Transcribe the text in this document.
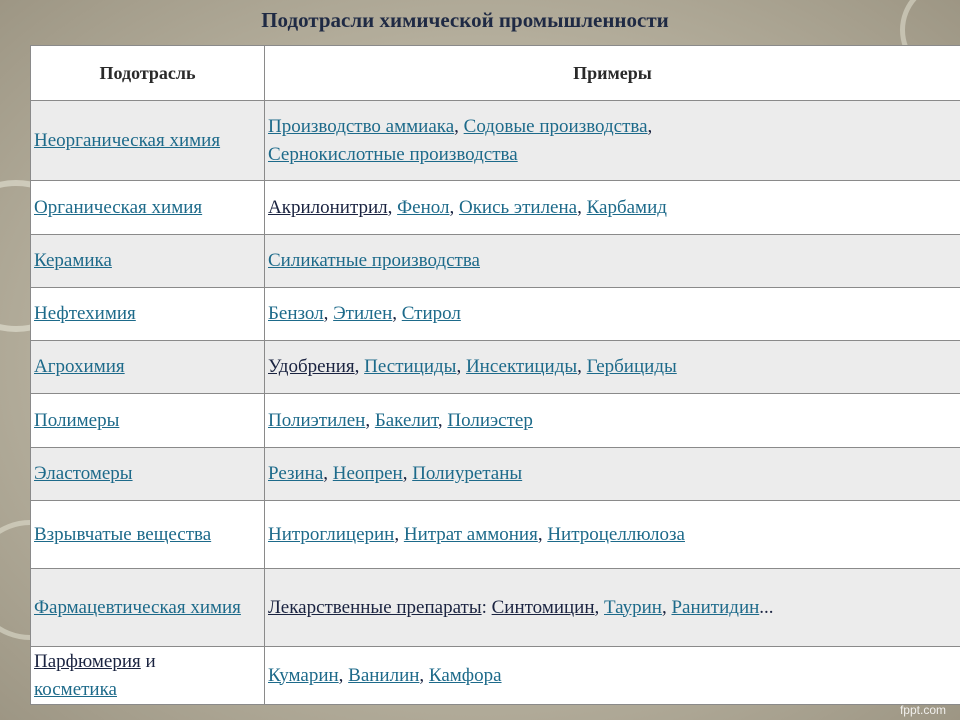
Подотрасли химической промышленности
Подотрасль	Примеры
Неорганическая химия	Производство аммиака, Содовые производства,
Сернокислотные производства
Органическая химия	Акрилонитрил, Фенол, Окись этилена, Карбамид
Керамика	Силикатные производства
Нефтехимия	Бензол, Этилен, Стирол
Агрохимия	Удобрения, Пестициды, Инсектициды, Гербициды
Полимеры	Полиэтилен, Бакелит, Полиэстер
Эластомеры	Резина, Неопрен, Полиуретаны
Взрывчатые вещества	Нитроглицерин, Нитрат аммония, Нитроцеллюлоза
Фармацевтическая химия	Лекарственные препараты: Синтомицин, Таурин, Ранитидин...
Парфюмерия и
косметика	Кумарин, Ванилин, Камфора
fppt.com
